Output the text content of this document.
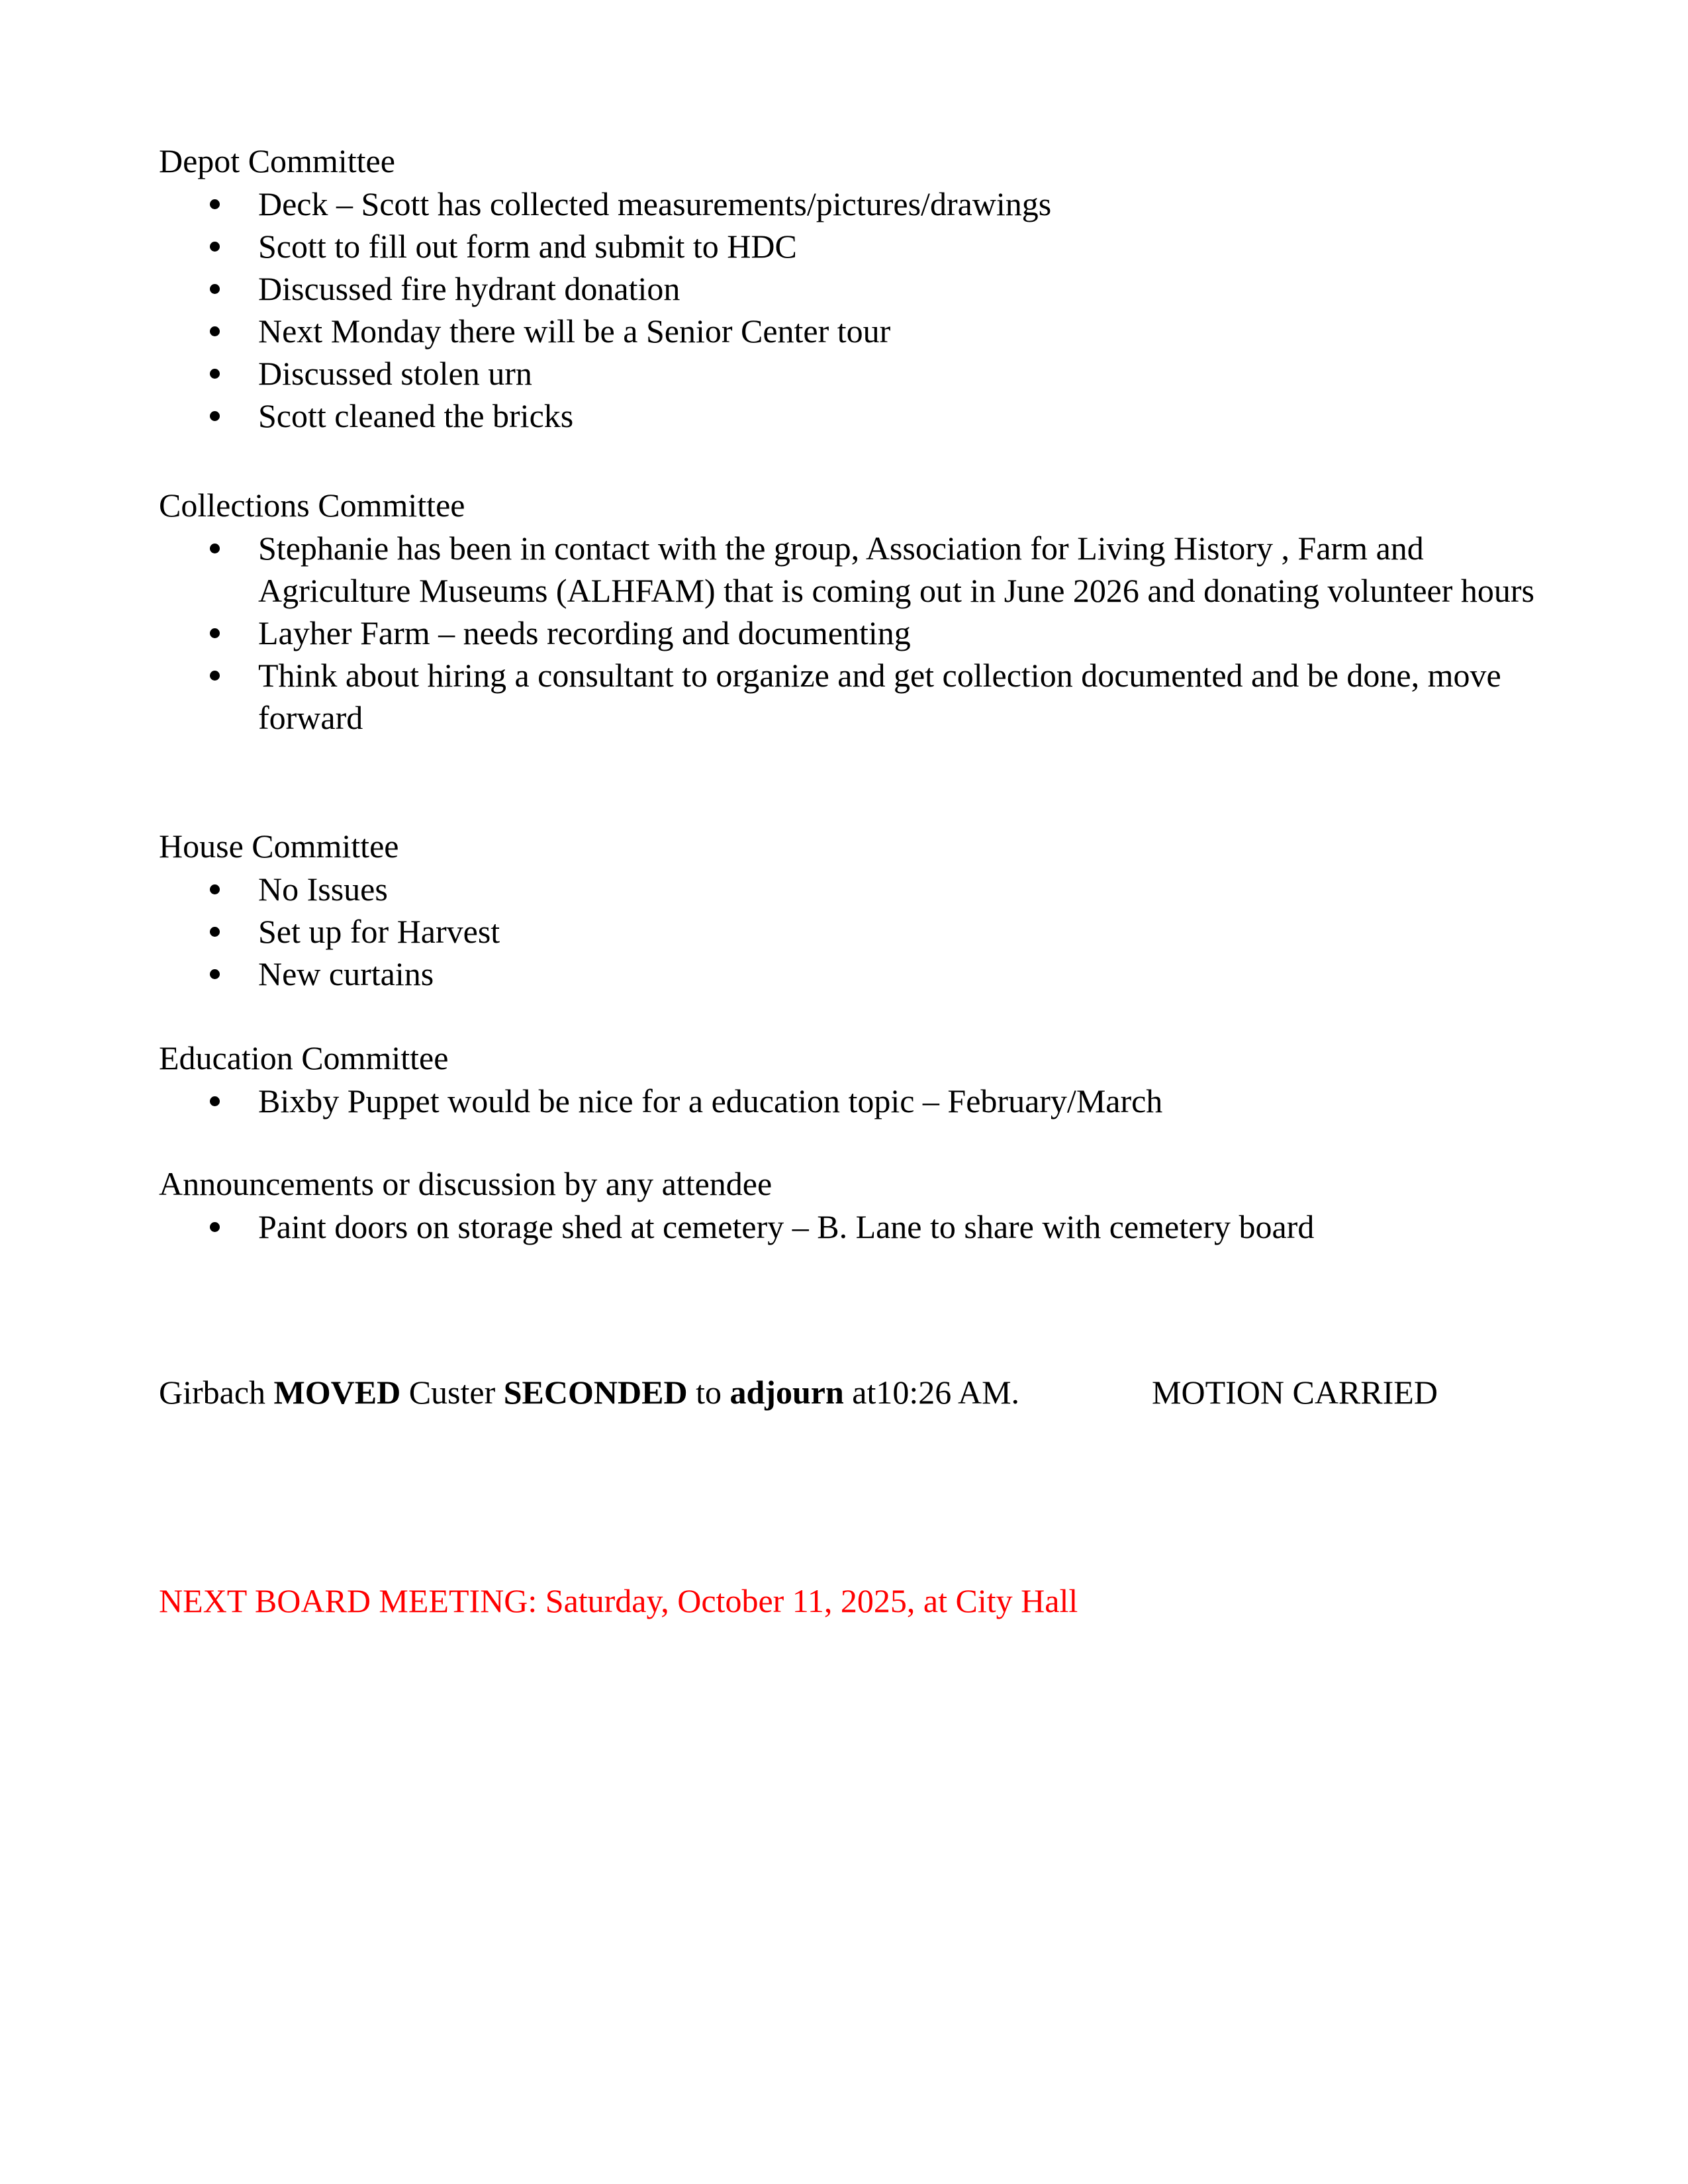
Depot Committee

Deck – Scott has collected measurements/pictures/drawings
Scott to fill out form and submit to HDC
Discussed fire hydrant donation
Next Monday there will be a Senior Center tour
Discussed stolen urn
Scott cleaned the bricks

Collections Committee

Stephanie has been in contact with the group, Association for Living History , Farm and Agriculture Museums (ALHFAM) that is coming out in June 2026 and donating volunteer hours
Layher Farm – needs recording and documenting
Think about hiring a consultant to organize and get collection documented and be done, move forward

House Committee

No Issues
Set up for Harvest
New curtains

Education Committee

Bixby Puppet would be nice for a education topic – February/March

Announcements or discussion by any attendee

Paint doors on storage shed at cemetery – B. Lane to share with cemetery board
Girbach MOVED Custer SECONDED to adjourn at10:26 AM.	MOTION CARRIED
NEXT BOARD MEETING: Saturday, October 11, 2025, at City Hall
